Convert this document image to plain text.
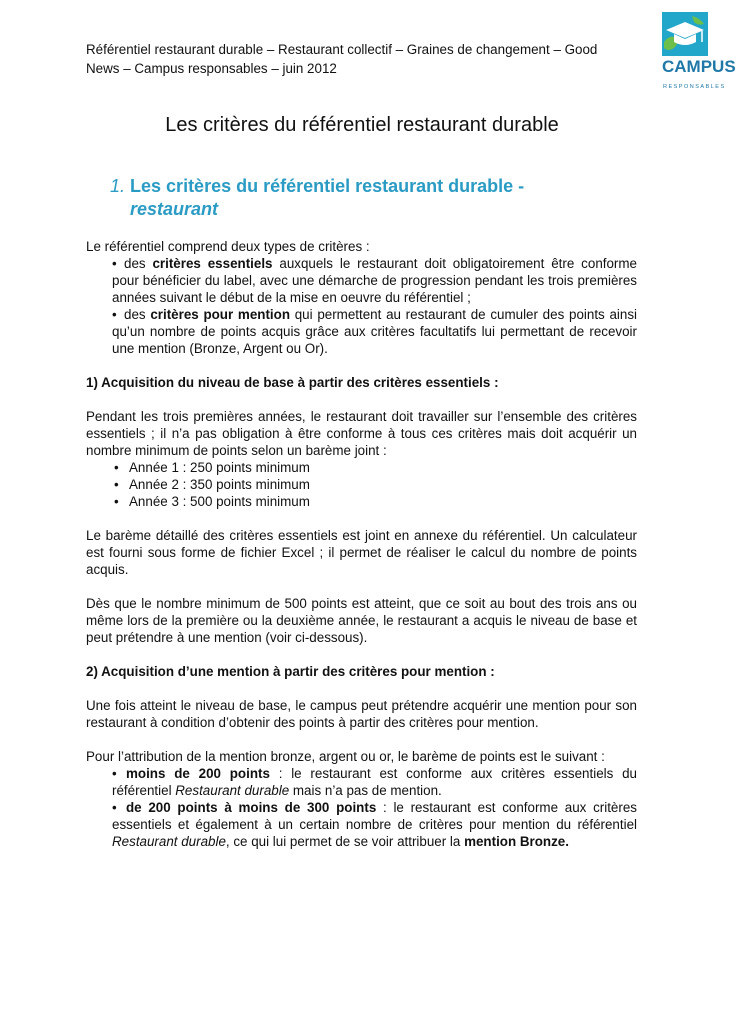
Référentiel restaurant durable – Restaurant collectif – Graines de changement – Good
News – Campus responsables – juin 2012	CAMPUS
RESPONSABLES
Les critères du référentiel restaurant durable
1. Les critères du référentiel restaurant durable -
restaurant

Le référentiel comprend deux types de critères :

• des critères essentiels auxquels le restaurant doit obligatoirement être conforme pour bénéficier du label, avec une démarche de progression pendant les trois premières années suivant le début de la mise en oeuvre du référentiel ;
• des critères pour mention qui permettent au restaurant de cumuler des points ainsi qu’un nombre de points acquis grâce aux critères facultatifs lui permettant de recevoir une mention (Bronze, Argent ou Or).

1) Acquisition du niveau de base à partir des critères essentiels :

Pendant les trois premières années, le restaurant doit travailler sur l’ensemble des critères essentiels ; il n’a pas obligation à être conforme à tous ces critères mais doit acquérir un nombre minimum de points selon un barème joint :

• Année 1 : 250 points minimum
• Année 2 : 350 points minimum
• Année 3 : 500 points minimum

Le barème détaillé des critères essentiels est joint en annexe du référentiel. Un calculateur est fourni sous forme de fichier Excel ; il permet de réaliser le calcul du nombre de points acquis.

Dès que le nombre minimum de 500 points est atteint, que ce soit au bout des trois ans ou même lors de la première ou la deuxième année, le restaurant a acquis le niveau de base et peut prétendre à une mention (voir ci-dessous).

2) Acquisition d’une mention à partir des critères pour mention :

Une fois atteint le niveau de base, le campus peut prétendre acquérir une mention pour son restaurant à condition d’obtenir des points à partir des critères pour mention.

Pour l’attribution de la mention bronze, argent ou or, le barème de points est le suivant :

• moins de 200 points : le restaurant est conforme aux critères essentiels du référentiel Restaurant durable mais n’a pas de mention.
• de 200 points à moins de 300 points : le restaurant est conforme aux critères essentiels et également à un certain nombre de critères pour mention du référentiel Restaurant durable, ce qui lui permet de se voir attribuer la mention Bronze.
